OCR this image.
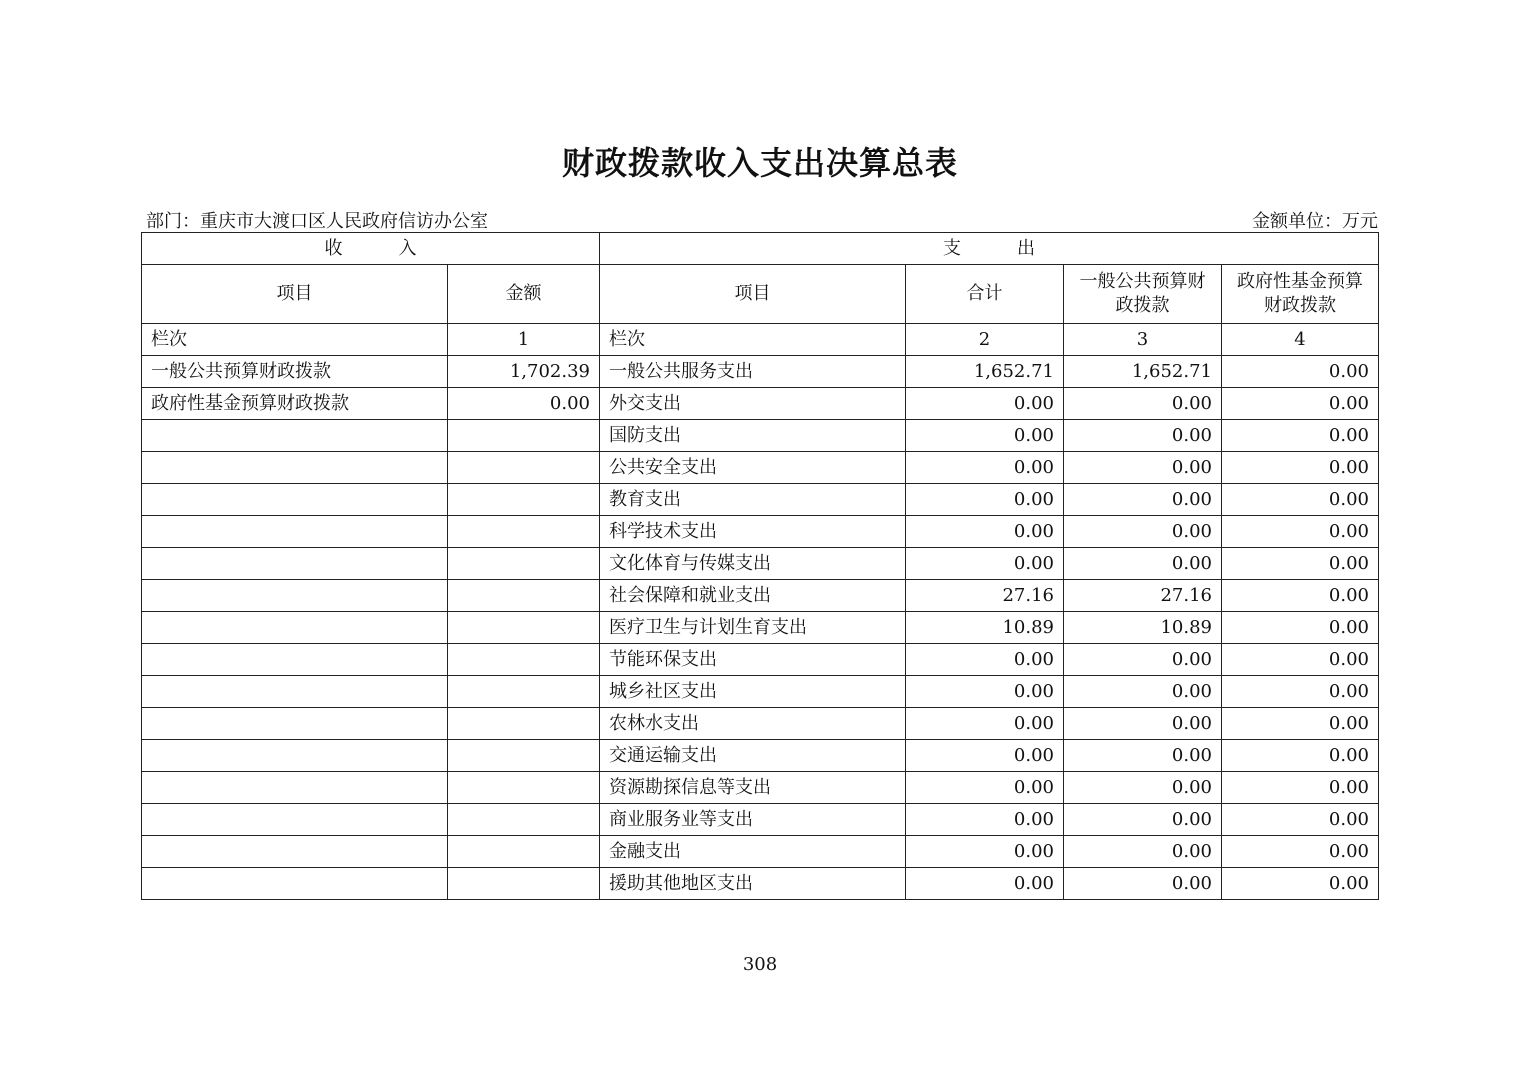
财政拨款收入支出决算总表
部门：重庆市大渡口区人民政府信访办公室	金额单位：万元
收 入		支 出			
项目	金额	项目	合计	一般公共预算财政拨款	政府性基金预算财政拨款
栏次	1	栏次	2	3	4
一般公共预算财政拨款	1,702.39	一般公共服务支出	1,652.71	1,652.71	0.00
政府性基金预算财政拨款	0.00	外交支出	0.00	0.00	0.00
		国防支出	0.00	0.00	0.00
		公共安全支出	0.00	0.00	0.00
		教育支出	0.00	0.00	0.00
		科学技术支出	0.00	0.00	0.00
		文化体育与传媒支出	0.00	0.00	0.00
		社会保障和就业支出	27.16	27.16	0.00
		医疗卫生与计划生育支出	10.89	10.89	0.00
		节能环保支出	0.00	0.00	0.00
		城乡社区支出	0.00	0.00	0.00
		农林水支出	0.00	0.00	0.00
		交通运输支出	0.00	0.00	0.00
		资源勘探信息等支出	0.00	0.00	0.00
		商业服务业等支出	0.00	0.00	0.00
		金融支出	0.00	0.00	0.00
		援助其他地区支出	0.00	0.00	0.00
308
